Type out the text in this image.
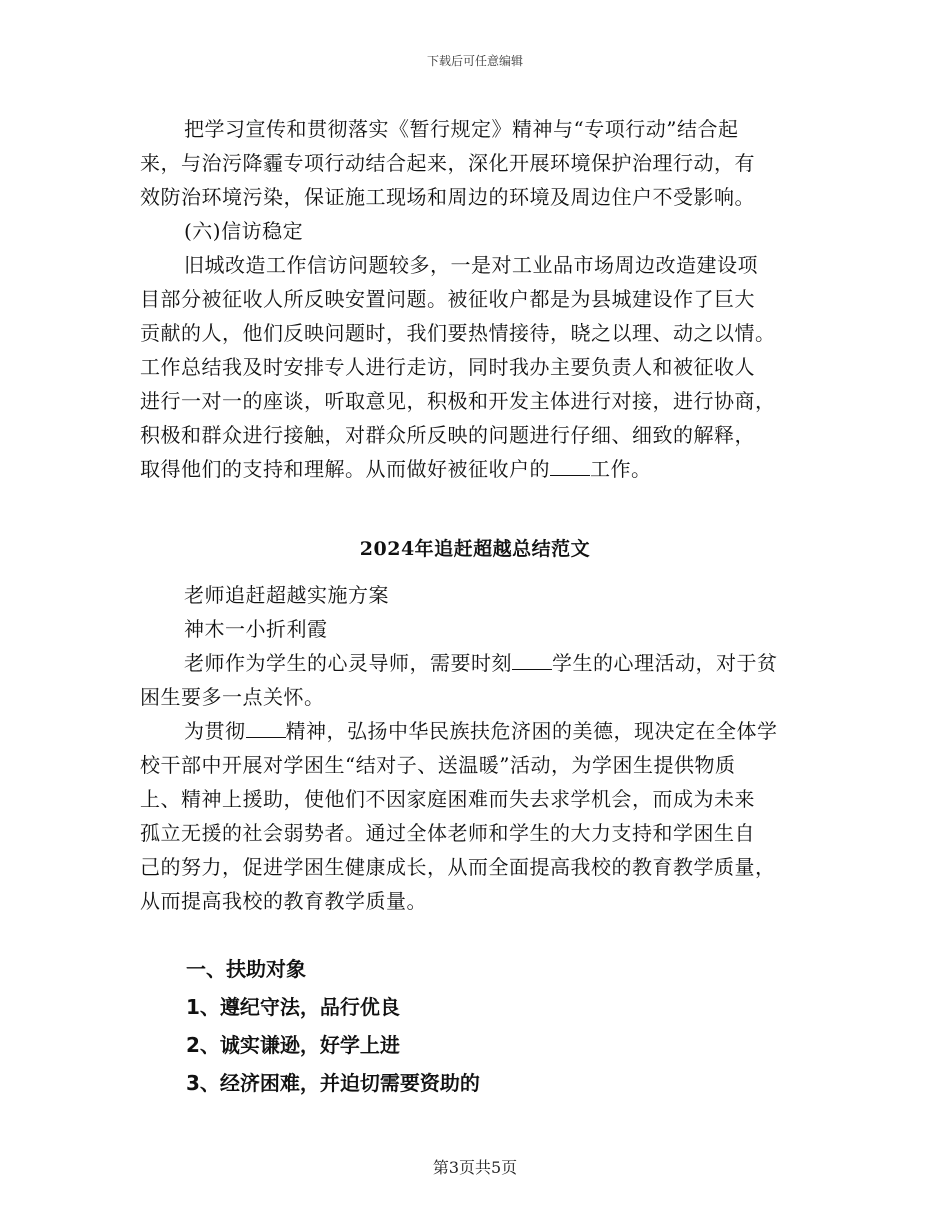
下载后可任意编辑
把学习宣传和贯彻落实《暂行规定》精神与“专项行动”结合起
来，与治污降霾专项行动结合起来，深化开展环境保护治理行动，有
效防治环境污染，保证施工现场和周边的环境及周边住户不受影响。
(六)信访稳定
旧城改造工作信访问题较多，一是对工业品市场周边改造建设项
目部分被征收人所反映安置问题。被征收户都是为县城建设作了巨大
贡献的人，他们反映问题时，我们要热情接待，晓之以理、动之以情。
工作总结我及时安排专人进行走访，同时我办主要负责人和被征收人
进行一对一的座谈，听取意见，积极和开发主体进行对接，进行协商，
积极和群众进行接触，对群众所反映的问题进行仔细、细致的解释，
取得他们的支持和理解。从而做好被征收户的 工作。
2024年追赶超越总结范文
老师追赶超越实施方案
神木一小折利霞
老师作为学生的心灵导师，需要时刻 学生的心理活动，对于贫
困生要多一点关怀。
为贯彻 精神，弘扬中华民族扶危济困的美德，现决定在全体学
校干部中开展对学困生“结对子、送温暖”活动，为学困生提供物质
上、精神上援助，使他们不因家庭困难而失去求学机会，而成为未来
孤立无援的社会弱势者。通过全体老师和学生的大力支持和学困生自
己的努力，促进学困生健康成长，从而全面提高我校的教育教学质量，
从而提高我校的教育教学质量。
一、扶助对象
1、遵纪守法，品行优良
2、诚实谦逊，好学上进
3、经济困难，并迫切需要资助的
第3页共5页
